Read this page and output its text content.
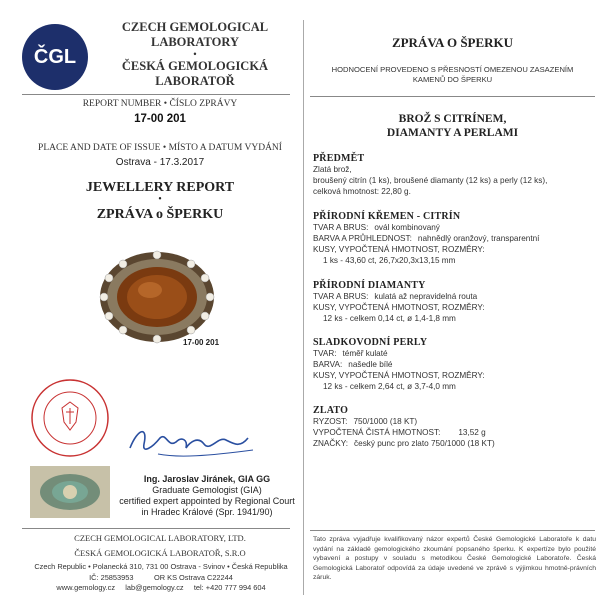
ČGL
CZECH GEMOLOGICAL
LABORATORY
•
ČESKÁ GEMOLOGICKÁ
LABORATOŘ
REPORT NUMBER • ČÍSLO ZPRÁVY
17-00 201
PLACE AND DATE OF ISSUE • MÍSTO A DATUM VYDÁNÍ
Ostrava - 17.3.2017
JEWELLERY REPORT
•
ZPRÁVA o ŠPERKU
17-00 201
Ing. Jaroslav Jiránek, GIA GG
Graduate Gemologist (GIA)
certified expert appointed by Regional Court
in Hradec Králové (Spr. 1941/90)
CZECH GEMOLOGICAL LABORATORY, LTD.
ČESKÁ GEMOLOGICKÁ LABORATOŘ, S.R.O
Czech Republic • Polanecká 310, 731 00 Ostrava - Svinov • Česká Republika
IČ: 25853953          OR KS Ostrava C22244
www.gemology.cz     lab@gemology.cz     tel: +420 777 994 604
ZPRÁVA O ŠPERKU
HODNOCENÍ PROVEDENO S PŘESNOSTÍ OMEZENOU ZASAZENÍM
KAMENŮ DO ŠPERKU
BROŽ S CITRÍNEM,
DIAMANTY A PERLAMI
PŘEDMĚT
Zlatá brož,
broušený citrín (1 ks), broušené diamanty (12 ks) a perly (12 ks),
celková hmotnost: 22,80 g.
PŘÍRODNÍ KŘEMEN - CITRÍN
TVAR A BRUS: ovál kombinovaný
BARVA A PRŮHLEDNOST: nahnědlý oranžový, transparentní
KUSY, VYPOČTENÁ HMOTNOST, ROZMĚRY:
1 ks - 43,60 ct, 26,7x20,3x13,15 mm
PŘÍRODNÍ DIAMANTY
TVAR A BRUS: kulatá až nepravidelná routa
KUSY, VYPOČTENÁ HMOTNOST, ROZMĚRY:
12 ks - celkem 0,14 ct, ø 1,4-1,8 mm
SLADKOVODNÍ PERLY
TVAR: téměř kulaté
BARVA: našedle bílé
KUSY, VYPOČTENÁ HMOTNOST, ROZMĚRY:
12 ks - celkem 2,64 ct, ø 3,7-4,0 mm
ZLATO
RYZOST: 750/1000 (18 KT)
VYPOČTENÁ ČISTÁ HMOTNOST: 13,52 g
ZNAČKY: český punc pro zlato 750/1000 (18 KT)
Tato zpráva vyjadřuje kvalifikovaný názor expertů České Gemologické Laboratoře k datu vydání na základě gemologického zkoumání popsaného šperku. K expertíze bylo použité vybavení a postupy v souladu s metodikou České Gemologické Laboratoře. Česká Gemologická Laboratoř odpovídá za údaje uvedené ve zprávě s výjimkou hmotně-právních záruk.
